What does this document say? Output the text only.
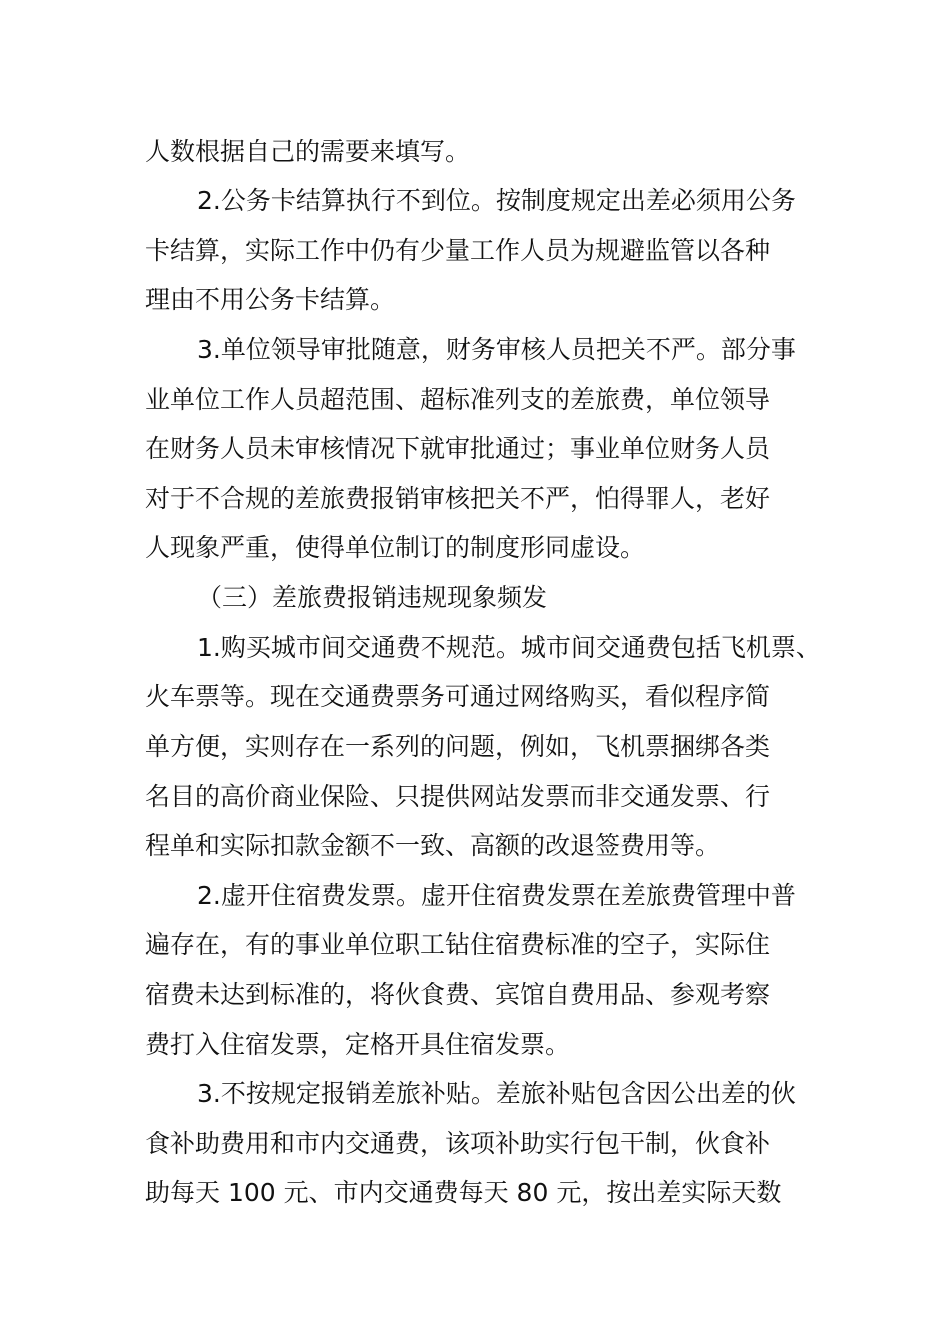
人数根据自己的需要来填写。
2.公务卡结算执行不到位。按制度规定出差必须用公务
卡结算，实际工作中仍有少量工作人员为规避监管以各种
理由不用公务卡结算。
3.单位领导审批随意，财务审核人员把关不严。部分事
业单位工作人员超范围、超标准列支的差旅费，单位领导
在财务人员未审核情况下就审批通过；事业单位财务人员
对于不合规的差旅费报销审核把关不严，怕得罪人，老好
人现象严重，使得单位制订的制度形同虚设。
（三）差旅费报销违规现象频发
1.购买城市间交通费不规范。城市间交通费包括飞机票、
火车票等。现在交通费票务可通过网络购买，看似程序简
单方便，实则存在一系列的问题，例如，飞机票捆绑各类
名目的高价商业保险、只提供网站发票而非交通发票、行
程单和实际扣款金额不一致、高额的改退签费用等。
2.虚开住宿费发票。虚开住宿费发票在差旅费管理中普
遍存在，有的事业单位职工钻住宿费标准的空子，实际住
宿费未达到标准的，将伙食费、宾馆自费用品、参观考察
费打入住宿发票，定格开具住宿发票。
3.不按规定报销差旅补贴。差旅补贴包含因公出差的伙
食补助费用和市内交通费，该项补助实行包干制，伙食补
助每天 100 元、市内交通费每天 80 元，按出差实际天数
